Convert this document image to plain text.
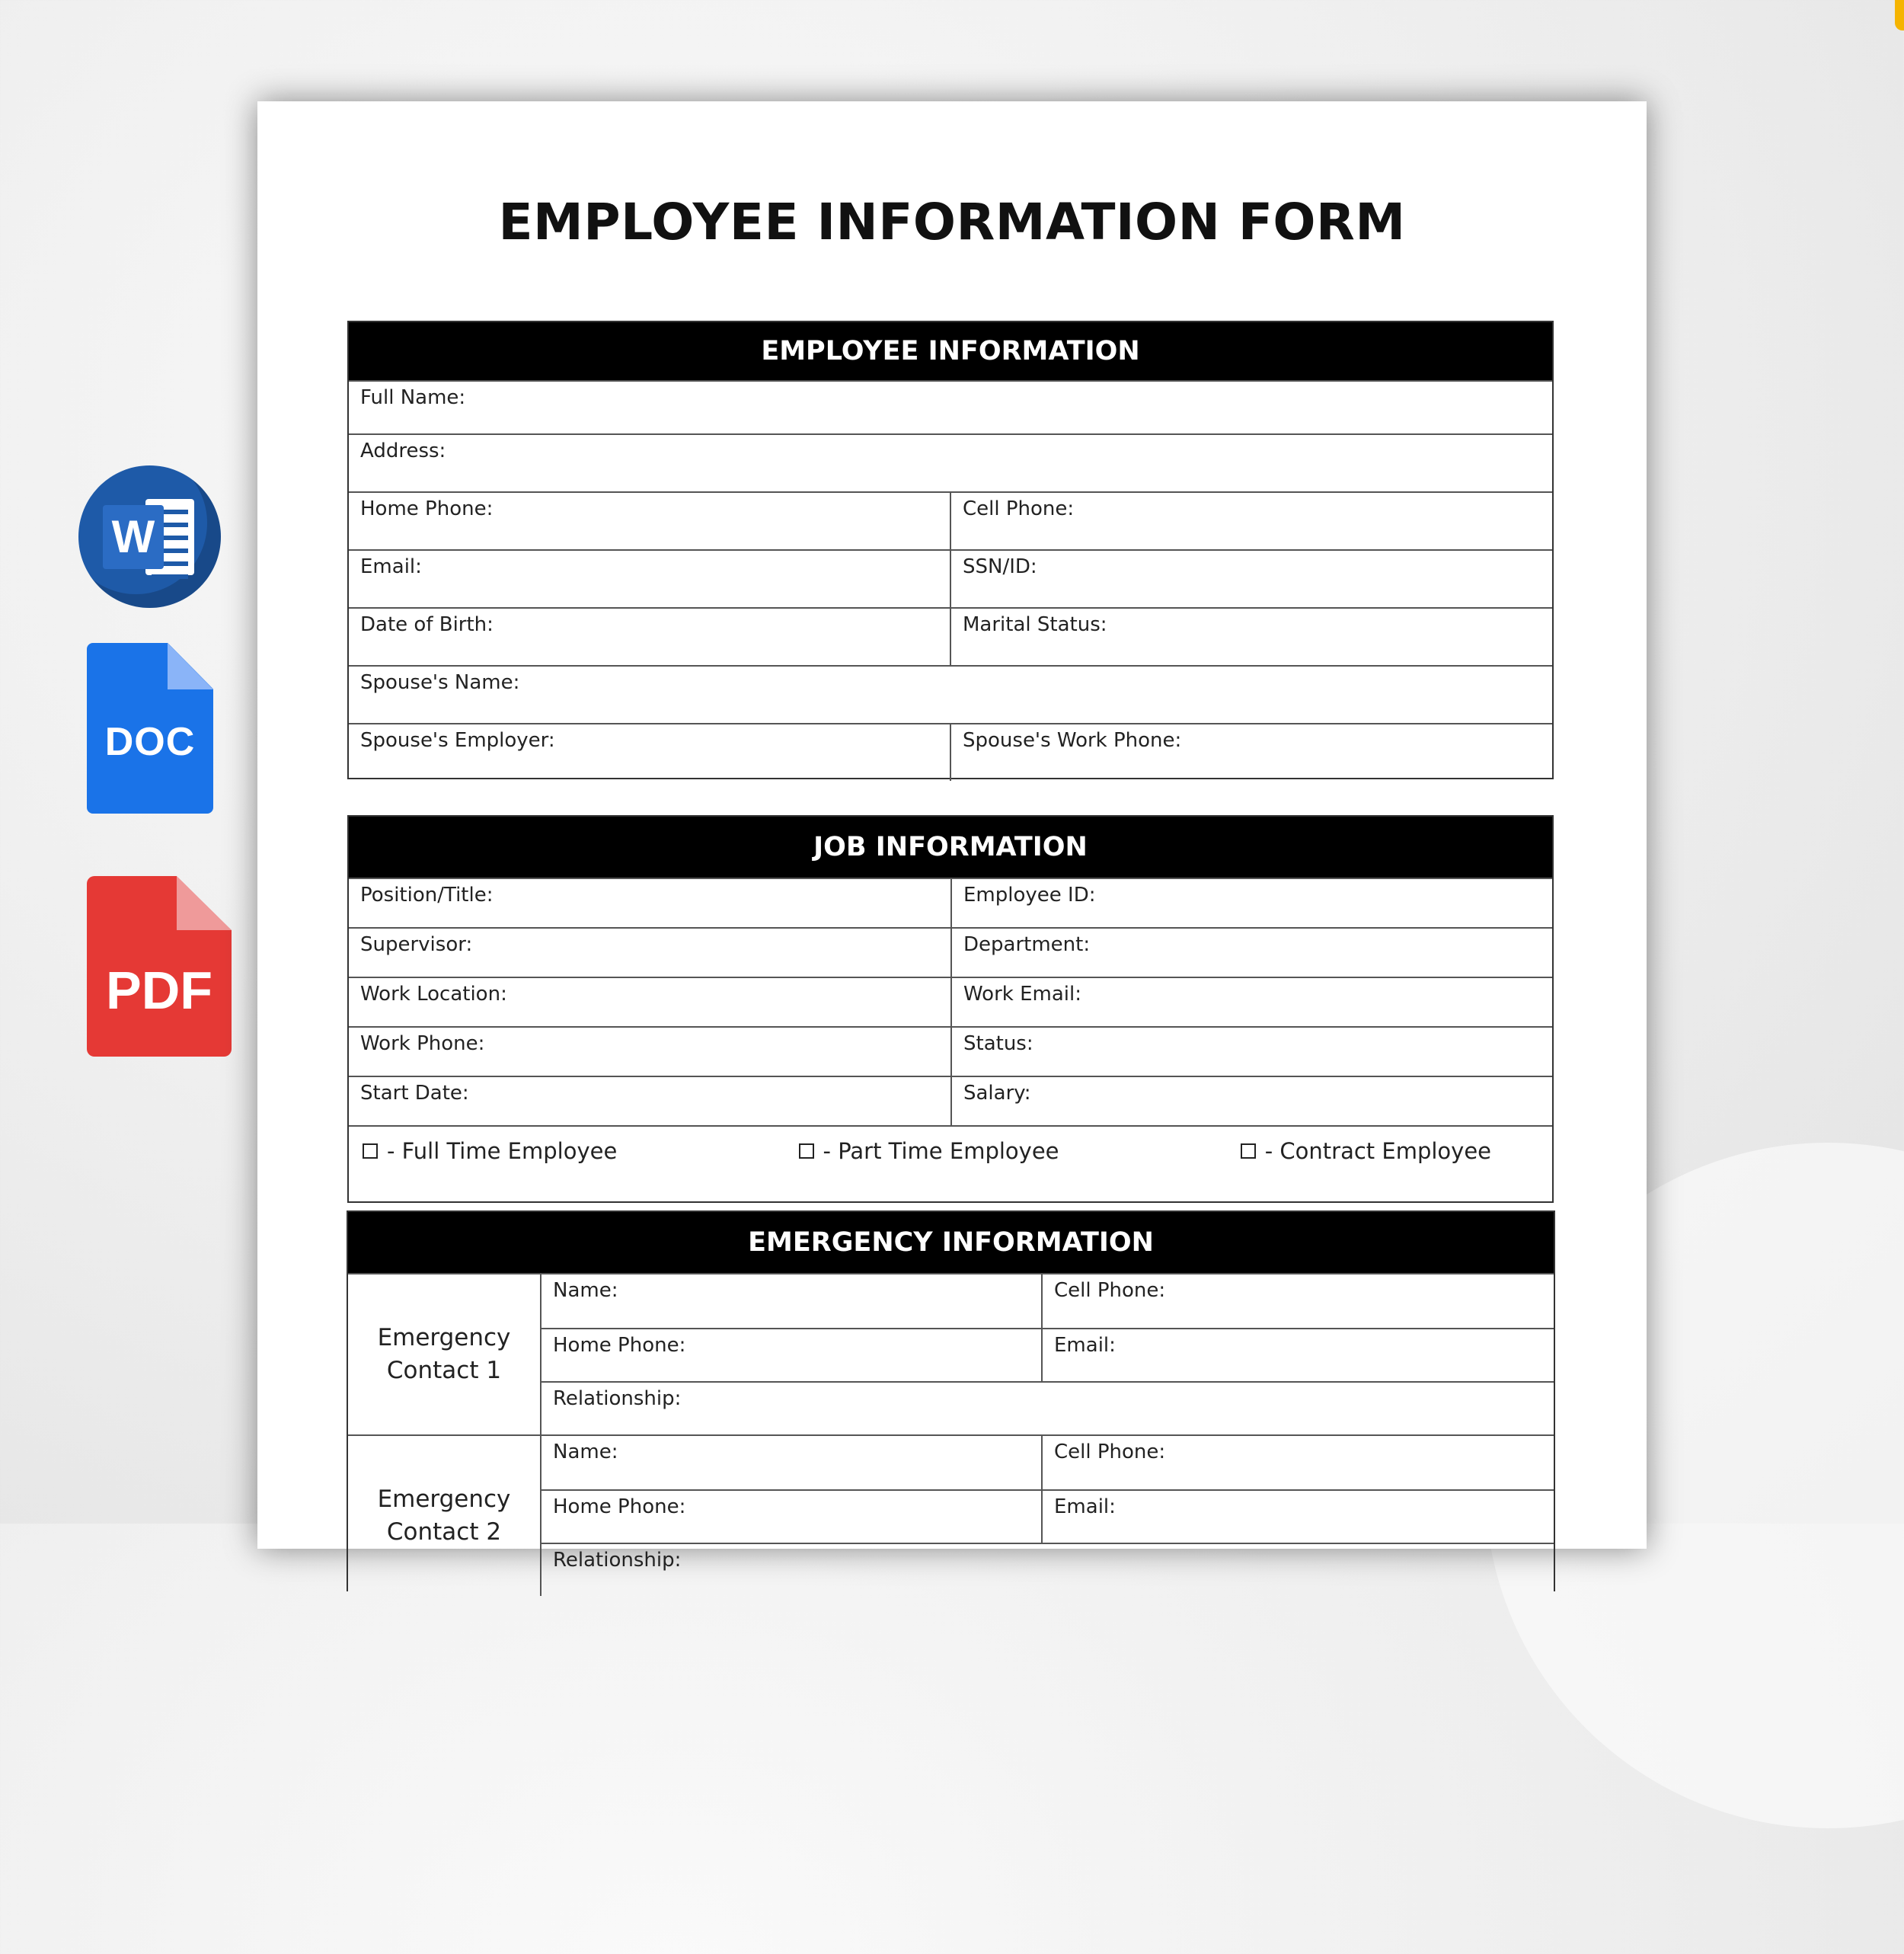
W
DOC
PDF
EMPLOYEE INFORMATION FORM
EMPLOYEE INFORMATION
Full Name:
Address:
Home Phone:	Cell Phone:
Email:	SSN/ID:
Date of Birth:	Marital Status:
Spouse's Name:
Spouse's Employer:	Spouse's Work Phone:
JOB INFORMATION
Position/Title:	Employee ID:
Supervisor:	Department:
Work Location:	Work Email:
Work Phone:	Status:
Start Date:	Salary:
- Full Time Employee	- Part Time Employee	- Contract Employee
EMERGENCY INFORMATION
Emergency
Contact 1
Name:	Cell Phone:
Home Phone:	Email:
Relationship:
Emergency
Contact 2
Name:	Cell Phone:
Home Phone:	Email:
Relationship:
